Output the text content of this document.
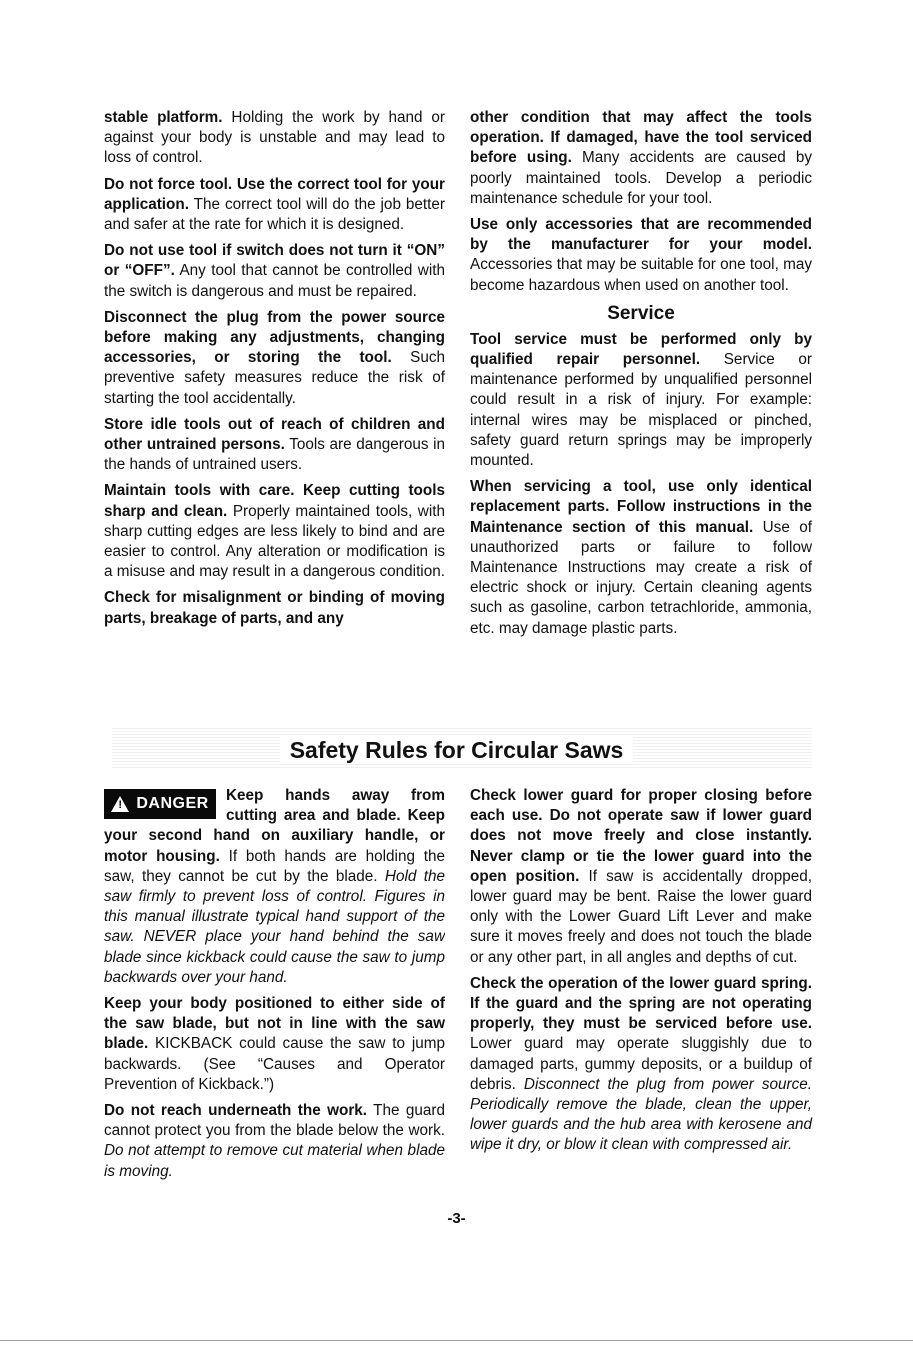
stable platform. Holding the work by hand or against your body is unstable and may lead to loss of control.

Do not force tool. Use the correct tool for your application. The correct tool will do the job better and safer at the rate for which it is designed.

Do not use tool if switch does not turn it “ON” or “OFF”. Any tool that cannot be controlled with the switch is dangerous and must be repaired.

Disconnect the plug from the power source before making any adjustments, changing accessories, or storing the tool. Such preventive safety measures reduce the risk of starting the tool accidentally.

Store idle tools out of reach of children and other untrained persons. Tools are dangerous in the hands of untrained users.

Maintain tools with care. Keep cutting tools sharp and clean. Properly maintained tools, with sharp cutting edges are less likely to bind and are easier to control. Any alteration or modification is a misuse and may result in a dangerous condition.

Check for misalignment or binding of moving parts, breakage of parts, and any

other condition that may affect the tools operation. If damaged, have the tool serviced before using. Many accidents are caused by poorly maintained tools. Develop a periodic maintenance schedule for your tool.

Use only accessories that are recommended by the manufacturer for your model. Accessories that may be suitable for one tool, may become hazardous when used on another tool.

Service

Tool service must be performed only by qualified repair personnel. Service or maintenance performed by unqualified personnel could result in a risk of injury. For example: internal wires may be misplaced or pinched, safety guard return springs may be improperly mounted.

When servicing a tool, use only identical replacement parts. Follow instructions in the Maintenance section of this manual. Use of unauthorized parts or failure to follow Maintenance Instructions may create a risk of electric shock or injury. Certain cleaning agents such as gasoline, carbon tetrachloride, ammonia, etc. may damage plastic parts.

Safety Rules for Circular Saws

! DANGER Keep hands away from cutting area and blade. Keep your second hand on auxiliary handle, or motor housing. If both hands are holding the saw, they cannot be cut by the blade. Hold the saw firmly to prevent loss of control. Figures in this manual illustrate typical hand support of the saw. NEVER place your hand behind the saw blade since kickback could cause the saw to jump backwards over your hand.

Keep your body positioned to either side of the saw blade, but not in line with the saw blade. KICKBACK could cause the saw to jump backwards. (See “Causes and Operator Prevention of Kickback.”)

Do not reach underneath the work. The guard cannot protect you from the blade below the work. Do not attempt to remove cut material when blade is moving.

Check lower guard for proper closing before each use. Do not operate saw if lower guard does not move freely and close instantly. Never clamp or tie the lower guard into the open position. If saw is accidentally dropped, lower guard may be bent. Raise the lower guard only with the Lower Guard Lift Lever and make sure it moves freely and does not touch the blade or any other part, in all angles and depths of cut.

Check the operation of the lower guard spring. If the guard and the spring are not operating properly, they must be serviced before use. Lower guard may operate sluggishly due to damaged parts, gummy deposits, or a buildup of debris. Disconnect the plug from power source. Periodically remove the blade, clean the upper, lower guards and the hub area with kerosene and wipe it dry, or blow it clean with compressed air.

-3-
